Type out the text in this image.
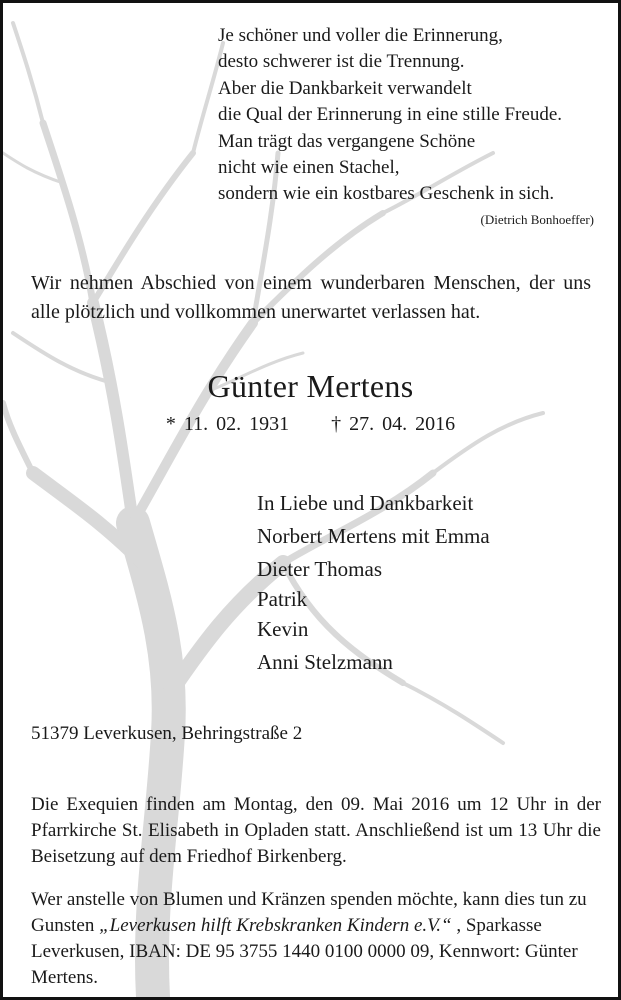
Je schöner und voller die Erinnerung,
desto schwerer ist die Trennung.
Aber die Dankbarkeit verwandelt
die Qual der Erinnerung in eine stille Freude.
Man trägt das vergangene Schöne
nicht wie einen Stachel,
sondern wie ein kostbares Geschenk in sich.
(Dietrich Bonhoeffer)
Wir nehmen Abschied von einem wunderbaren Menschen, der uns alle plötzlich und vollkommen unerwartet verlassen hat.
Günter Mertens
* 11. 02. 1931 † 27. 04. 2016
In Liebe und Dankbarkeit
Norbert Mertens mit Emma
Dieter Thomas
Patrik
Kevin
Anni Stelzmann
51379 Leverkusen, Behringstraße 2
Die Exequien finden am Montag, den 09. Mai 2016 um 12 Uhr in der Pfarrkirche St. Elisabeth in Opladen statt. Anschließend ist um 13 Uhr die Beisetzung auf dem Friedhof Birkenberg.
Wer anstelle von Blumen und Kränzen spenden möchte, kann dies tun zu Gunsten „Leverkusen hilft Krebskranken Kindern e.V.“ , Sparkasse Leverkusen, IBAN: DE 95 3755 1440 0100 0000 09, Kennwort: Günter Mertens.
